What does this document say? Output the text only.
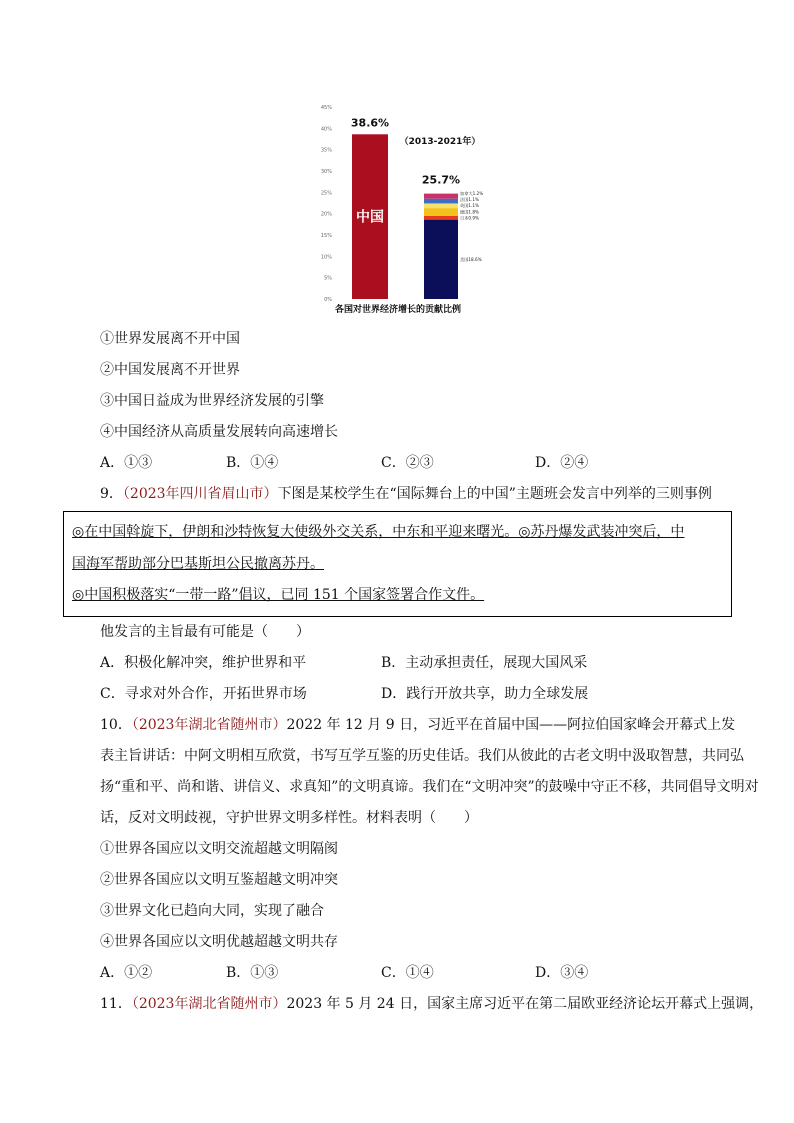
0%
5%
10%
15%
20%
25%
30%
35%
40%
45%
中国
38.6%
美国18.6%
日本0.9%
德国1.8%
英国1.1%
法国1.1%
加拿大1.2%
25.7%
（2013-2021年）
各国对世界经济增长的贡献比例
①世界发展离不开中国
②中国发展离不开世界
③中国日益成为世界经济发展的引擎
④中国经济从高质量发展转向高速增长
A．①③	B．①④	C．②③	D．②④
9．（2023年四川省眉山市）下图是某校学生在“国际舞台上的中国”主题班会发言中列举的三则事例
◎在中国斡旋下，伊朗和沙特恢复大使级外交关系，中东和平迎来曙光。◎苏丹爆发武装冲突后，中
国海军帮助部分巴基斯坦公民撤离苏丹。
◎中国积极落实“一带一路”倡议，已同 151 个国家签署合作文件。
他发言的主旨最有可能是（　　）
A．积极化解冲突，维护世界和平	B．主动承担责任，展现大国风采
C．寻求对外合作，开拓世界市场	D．践行开放共享，助力全球发展
10．（2023年湖北省随州市）2022 年 12 月 9 日，习近平在首届中国——阿拉伯国家峰会开幕式上发
表主旨讲话：中阿文明相互欣赏，书写互学互鉴的历史佳话。我们从彼此的古老文明中汲取智慧，共同弘
扬“重和平、尚和谐、讲信义、求真知”的文明真谛。我们在“文明冲突”的鼓噪中守正不移，共同倡导文明对
话，反对文明歧视，守护世界文明多样性。材料表明（　　）
①世界各国应以文明交流超越文明隔阂
②世界各国应以文明互鉴超越文明冲突
③世界文化已趋向大同，实现了融合
④世界各国应以文明优越超越文明共存
A．①②	B．①③	C．①④	D．③④
11．（2023年湖北省随州市）2023 年 5 月 24 日，国家主席习近平在第二届欧亚经济论坛开幕式上强调，
